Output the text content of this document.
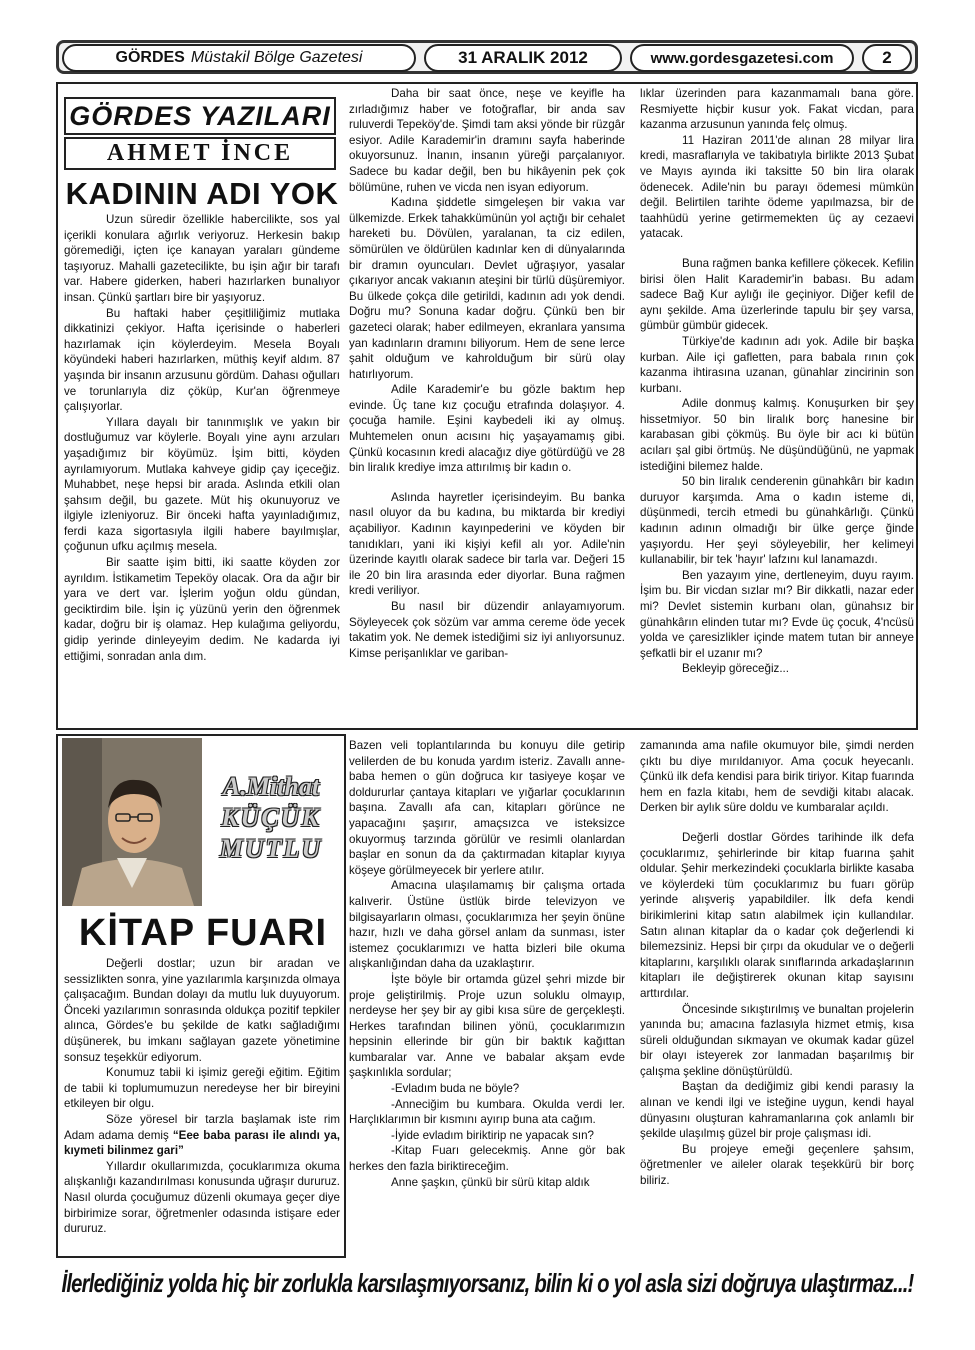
GÖRDES Müstakil Bölge Gazetesi	31 ARALIK 2012	www.gordesgazetesi.com	2
GÖRDES YAZILARI
AHMET İNCE
KADININ ADI YOK

Uzun süredir özellikle habercilikte, sos yal içerikli konulara ağırlık veriyoruz. Herkesin bakıp göremediği, içten içe kanayan yaraları gündeme taşıyoruz. Mahalli gazetecilikte, bu işin ağır bir tarafı var. Habere giderken, haberi hazırlarken bunalıyor insan. Çünkü şartları bire bir yaşıyoruz.

Bu haftaki haber çeşitliliğimiz mutlaka dikkatinizi çekiyor. Hafta içerisinde o haberleri hazırlamak için köylerdeyim. Mesela Boyalı köyündeki haberi hazırlarken, müthiş keyif aldım. 87 yaşında bir insanın arzusunu gördüm. Dahası oğulları ve torunlarıyla diz çöküp, Kur'an öğrenmeye çalışıyorlar.

Yıllara dayalı bir tanınmışlık ve yakın bir dostluğumuz var köylerle. Boyalı yine aynı arzuları yaşadığımız bir köyümüz. İşim bitti, köyden ayrılamıyorum. Mutlaka kahveye gidip çay içeceğiz. Muhabbet, neşe hepsi bir arada. Aslında etkili olan şahsım değil, bu gazete. Müt hiş okunuyoruz ve ilgiyle izleniyoruz. Bir önceki hafta yayınladığımız, ferdi kaza sigortasıyla ilgili habere bayılmışlar, çoğunun ufku açılmış mesela.

Bir saatte işim bitti, iki saatte köyden zor ayrıldım. İstikametim Tepeköy olacak. Ora da ağır bir yara ve dert var. İşlerim yoğun oldu gündan, geciktirdim bile. İşin iç yüzünü yerin den öğrenmek kadar, doğru bir iş olamaz. Hep kulağıma geliyordu, gidip yerinde dinleyeyim dedim. Ne kadarda iyi ettiğimi, sonradan anla dım.

Daha bir saat önce, neşe ve keyifle ha zırladığımız haber ve fotoğraflar, bir anda sav ruluverdi Tepeköy'de. Şimdi tam aksi yönde bir rüzgâr esiyor. Adile Karademir'in dramını sayfa haberinde okuyorsunuz. İnanın, insanın yüreği parçalanıyor. Sadece bu kadar değil, ben bu hikâyenin pek çok bölümüne, ruhen ve vicda nen isyan ediyorum.

Kadına şiddetle simgeleşen bir vakıa var ülkemizde. Erkek tahakkümünün yol açtığı bir cehalet hareketi bu. Dövülen, yaralanan, ta ciz edilen, sömürülen ve öldürülen kadınlar ken di dünyalarında bir dramın oyuncuları. Devlet uğraşıyor, yasalar çıkarıyor ancak vakıanın ateşini bir türlü düşüremiyor. Bu ülkede çokça dile getirildi, kadının adı yok dendi. Doğru mu? Sonuna kadar doğru. Çünkü ben bir gazeteci olarak; haber edilmeyen, ekranlara yansıma yan kadınların dramını biliyorum. Hem de sene lerce şahit olduğum ve kahrolduğum bir sürü olay hatırlıyorum.

Adile Karademir'e bu gözle baktım hep evinde. Üç tane kız çocuğu etrafında dolaşıyor. 4. çocuğa hamile. Eşini kaybedeli iki ay olmuş. Muhtemelen onun acısını hiç yaşayamamış gibi. Çünkü kocasının kredi alacağız diye götürdüğü ve 28 bin liralık krediye imza attırılmış bir kadın o.

Aslında hayretler içerisindeyim. Bu banka nasıl oluyor da bu kadına, bu miktarda bir krediyi açabiliyor. Kadının kayınpederini ve köyden bir tanıdıkları, yani iki kişiyi kefil alı yor. Adile'nin üzerinde kayıtlı olarak sadece bir tarla var. Değeri 15 ile 20 bin lira arasında eder diyorlar. Buna rağmen kredi veriliyor.

Bu nasıl bir düzendir anlayamıyorum. Söyleyecek çok sözüm var amma cereme öde yecek takatim yok. Ne demek istediğimi siz iyi anlıyorsunuz. Kimse perişanlıklar ve gariban-

lıklar üzerinden para kazanmamalı bana göre. Resmiyette hiçbir kusur yok. Fakat vicdan, para kazanma arzusunun yanında felç olmuş.

11 Haziran 2011'de alınan 28 milyar lira kredi, masraflarıyla ve takibatıyla birlikte 2013 Şubat ve Mayıs ayında iki taksitte 50 bin lira olarak ödenecek. Adile'nin bu parayı ödemesi mümkün değil. Belirtilen tarihte ödeme yapılmazsa, bir de taahhüdü yerine getirmemekten üç ay cezaevi yatacak.

Buna rağmen banka kefillere çökecek. Kefilin birisi ölen Halit Karademir'in babası. Bu adam sadece Bağ Kur aylığı ile geçiniyor. Diğer kefil de aynı şekilde. Ama üzerlerinde tapulu bir şey varsa, gümbür gümbür gidecek.

Türkiye'de kadının adı yok. Adile bir başka kurban. Aile içi gafletten, para babala rının çok kazanma ihtirasına uzanan, günahlar zincirinin son kurbanı.

Adile donmuş kalmış. Konuşurken bir şey hissetmiyor. 50 bin liralık borç hanesine bir karabasan gibi çökmüş. Bu öyle bir acı ki bütün acıları şal gibi örtmüş. Ne düşündüğünü, ne yapmak istediğini bilemez halde.

50 bin liralık cenderenin günahkârı bir kadın duruyor karşımda. Ama o kadın isteme di, düşünmedi, tercih etmedi bu günahkârlığı. Çünkü kadının adının olmadığı bir ülke gerçe ğinde yaşıyordu. Her şeyi söyleyebilir, her kelimeyi kullanabilir, bir tek 'hayır' lafzını kul lanamazdı.

Ben yazayım yine, dertleneyim, duyu rayım. İşim bu. Bir vicdan sızlar mı? Bir dikkatli, nazar eder mi? Devlet sistemin kurbanı olan, günahsız bir günahkârın elinden tutar mı? Evde üç çocuk, 4'ncüsü yolda ve çaresizlikler içinde matem tutan bir anneye şefkatli bir el uzanır mı?

Bekleyip göreceğiz...

A.Mithat
KÜÇÜK
MUTLU
KİTAP FUARI

Değerli dostlar; uzun bir aradan ve sessizlikten sonra, yine yazılarımla karşınızda olmaya çalışacağım. Bundan dolayı da mutlu luk duyuyorum. Önceki yazılarımın sonrasında oldukça pozitif tepkiler alınca, Gördes'e bu şekilde de katkı sağladığımı düşünerek, bu imkanı sağlayan gazete yönetimine sonsuz teşekkür ediyorum.

Konumuz tabii ki işimiz gereği eğitim. Eğitim de tabii ki toplumumuzun neredeyse her bir bireyini etkileyen bir olgu.

Söze yöresel bir tarzla başlamak iste rim Adam adama demiş “Eee baba parası ile alındı ya, kıymeti bilinmez gari”

Yıllardır okullarımızda, çocuklarımıza okuma alışkanlığı kazandırılması konusunda uğraşır dururuz. Nasıl olurda çocuğumuz düzenli okumaya geçer diye birbirimize sorar, öğretmenler odasında istişare eder dururuz.

Bazen veli toplantılarında bu konuyu dile getirip velilerden de bu konuda yardım isteriz. Zavallı anne-baba hemen o gün doğruca kır tasiyeye koşar ve doldururlar çantaya kitapları ve yığarlar çocuklarının başına. Zavallı afa can, kitapları görünce ne yapacağını şaşırır, amaçsızca ve isteksizce okuyormuş tarzında görülür ve resimli olanlardan başlar en sonun da da çaktırmadan kitaplar kıyıya köşeye görülmeyecek bir yerlere atılır.

Amacına ulaşılamamış bir çalışma ortada kalıverir. Üstüne üstlük birde televizyon ve bilgisayarların olması, çocuklarımıza her şeyin önüne hazır, hızlı ve daha görsel anlam da sunması, ister istemez çocuklarımızı ve hatta bizleri bile okuma alışkanlığından daha da uzaklaştırır.

İşte böyle bir ortamda güzel şehri mizde bir proje geliştirilmiş. Proje uzun soluklu olmayıp, nerdeyse her şey bir ay gibi kısa süre de gerçekleşti. Herkes tarafından bilinen yönü, çocuklarımızın hepsinin ellerinde bir gün bir baktık kağıttan kumbaralar var. Anne ve babalar akşam evde şaşkınlıkla sordular;

-Evladım buda ne böyle?

-Anneciğim bu kumbara. Okulda verdi ler. Harçlıklarımın bir kısmını ayırıp buna ata cağım.

-İyide evladım biriktirip ne yapacak sın?

-Kitap Fuarı gelecekmiş. Anne gör bak herkes den fazla biriktireceğim.

Anne şaşkın, çünkü bir sürü kitap aldık

zamanında ama nafile okumuyor bile, şimdi nerden çıktı bu diye mırıldanıyor. Ama çocuk heyecanlı. Çünkü ilk defa kendisi para birik tiriyor. Kitap fuarında hem en fazla kitabı, hem de sevdiği kitabı alacak. Derken bir aylık süre doldu ve kumbaralar açıldı.

Değerli dostlar Gördes tarihinde ilk defa çocuklarımız, şehirlerinde bir kitap fuarına şahit oldular. Şehir merkezindeki çocuklarla birlikte kasaba ve köylerdeki tüm çocuklarımız bu fuarı görüp yerinde alışveriş yapabildiler. İlk defa kendi birikimlerini kitap satın alabilmek için kullandılar. Satın alınan kitaplar da o kadar çok değerlendi ki bilemezsiniz. Hepsi bir çırpı da okudular ve o değerli kitaplarını, karşılıklı olarak sınıflarında arkadaşlarının kitapları ile değiştirerek okunan kitap sayısını arttırdılar.

Öncesinde sıkıştırılmış ve bunaltan projelerin yanında bu; amacına fazlasıyla hizmet etmiş, kısa süreli olduğundan sıkmayan ve okumak kadar güzel bir olayı isteyerek zor lanmadan başarılmış bir çalışma şekline dönüştürüldü.

Baştan da dediğimiz gibi kendi parasıy la alınan ve kendi ilgi ve isteğine uygun, kendi hayal dünyasını oluşturan kahramanlarına çok anlamlı bir şekilde ulaşılmış güzel bir proje çalışması idi.

Bu projeye emeği geçenlere şahsım, öğretmenler ve aileler olarak teşekkürü bir borç biliriz.

İlerlediğiniz yolda hiç bir zorlukla karsılaşmıyorsanız, bilin ki o yol asla sizi doğruya ulaştırmaz...!
